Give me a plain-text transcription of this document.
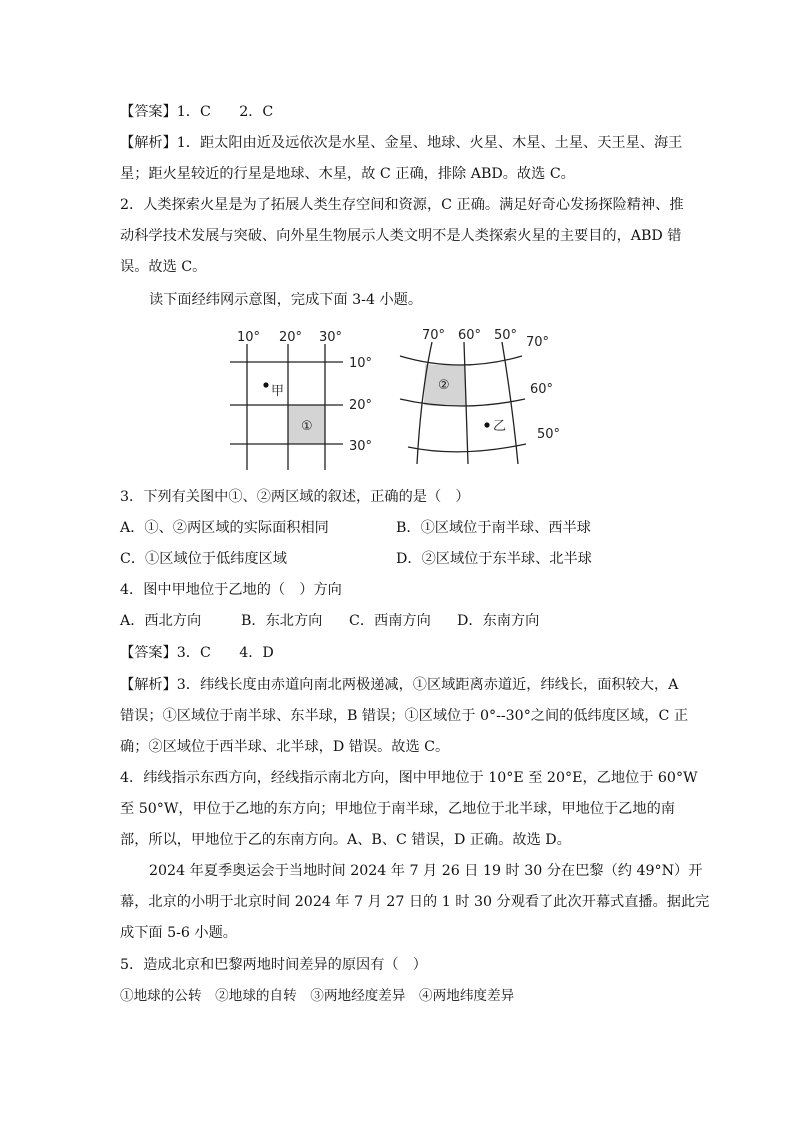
【答案】1．C　　2．C
【解析】1．距太阳由近及远依次是水星、金星、地球、火星、木星、土星、天王星、海王
星；距火星较近的行星是地球、木星，故 C 正确，排除 ABD。故选 C。
2．人类探索火星是为了拓展人类生存空间和资源，C 正确。满足好奇心发扬探险精神、推
动科学技术发展与突破、向外星生物展示人类文明不是人类探索火星的主要目的，ABD 错
误。故选 C。
读下面经纬网示意图，完成下面 3-4 小题。
10° 20° 30°
10°
20°
30°
甲
①
70° 60° 50° 70°
60°
50°
②
乙
3．下列有关图中①、②两区域的叙述，正确的是（　）
A．①、②两区域的实际面积相同	B．①区域位于南半球、西半球
C．①区域位于低纬度区域	D．②区域位于东半球、北半球
4．图中甲地位于乙地的（　）方向
A．西北方向	B．东北方向 C．西南方向 D．东南方向
【答案】3．C　　4．D
【解析】3．纬线长度由赤道向南北两极递减，①区域距离赤道近，纬线长，面积较大，A
错误；①区域位于南半球、东半球，B 错误；①区域位于 0°--30°之间的低纬度区域，C 正
确；②区域位于西半球、北半球，D 错误。故选 C。
4．纬线指示东西方向，经线指示南北方向，图中甲地位于 10°E 至 20°E，乙地位于 60°W
至 50°W，甲位于乙地的东方向；甲地位于南半球，乙地位于北半球，甲地位于乙地的南
部，所以，甲地位于乙的东南方向。A、B、C 错误，D 正确。故选 D。
2024 年夏季奥运会于当地时间 2024 年 7 月 26 日 19 时 30 分在巴黎（约 49°N）开
幕，北京的小明于北京时间 2024 年 7 月 27 日的 1 时 30 分观看了此次开幕式直播。据此完
成下面 5-6 小题。
5．造成北京和巴黎两地时间差异的原因有（　）
①地球的公转　②地球的自转　③两地经度差异　④两地纬度差异
